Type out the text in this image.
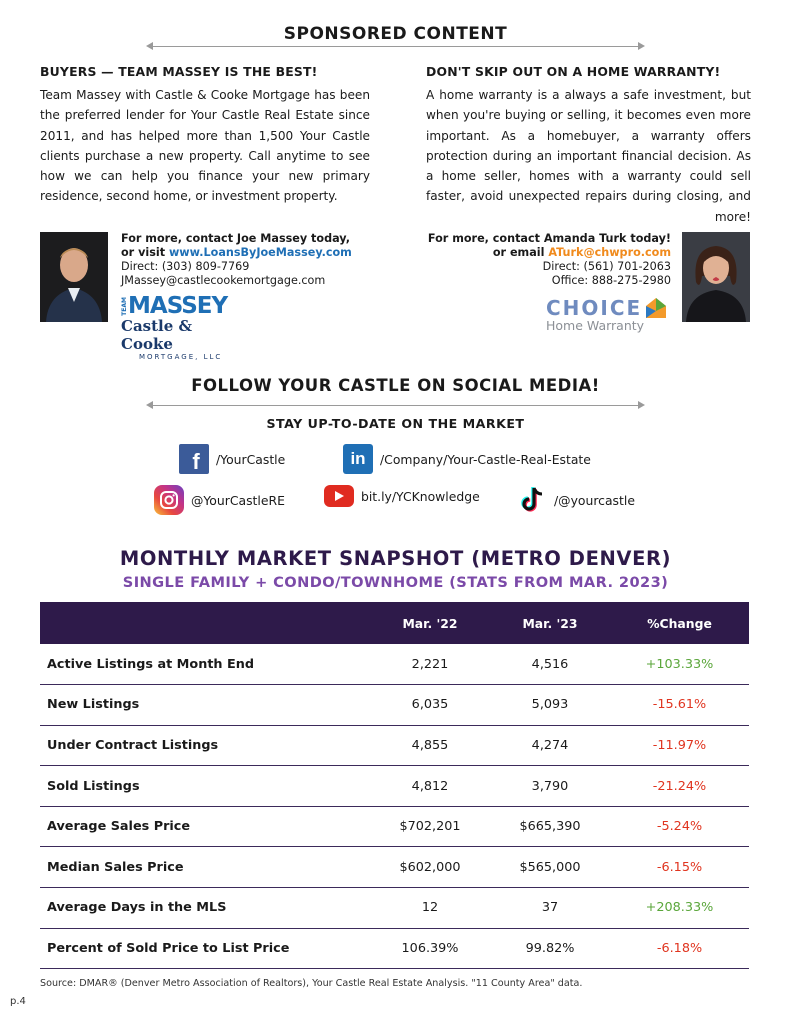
SPONSORED CONTENT
BUYERS — TEAM MASSEY IS THE BEST!

Team Massey with Castle & Cooke Mortgage has been the preferred lender for Your Castle Real Estate since 2011, and has helped more than 1,500 Your Castle clients purchase a new property. Call anytime to see how we can help you finance your new primary residence, second home, or investment property.

DON'T SKIP OUT ON A HOME WARRANTY!

A home warranty is a always a safe investment, but when you're buying or selling, it becomes even more important. As a homebuyer, a warranty offers protection during an important financial decision. As a home seller, homes with a warranty could sell faster, avoid unexpected repairs during closing, and more!

For more, contact Joe Massey today,
or visit www.LoansByJoeMassey.com
Direct: (303) 809-7769
JMassey@castlecookemortgage.com
TEAM MASSEY
Castle & Cooke
MORTGAGE, LLC
For more, contact Amanda Turk today!
or email ATurk@chwpro.com
Direct: (561) 701-2063
Office: 888-275-2980
CHOICE
Home Warranty
FOLLOW YOUR CASTLE ON SOCIAL MEDIA!
STAY UP-TO-DATE ON THE MARKET
f /YourCastle	in /Company/Your-Castle-Real-Estate
@YourCastleRE	bit.ly/YCKnowledge	/@yourcastle
MONTHLY MARKET SNAPSHOT (METRO DENVER)
SINGLE FAMILY + CONDO/TOWNHOME (STATS FROM MAR. 2023)
	Mar. '22	Mar. '23	%Change
Active Listings at Month End	2,221	4,516	+103.33%
New Listings	6,035	5,093	-15.61%
Under Contract Listings	4,855	4,274	-11.97%
Sold Listings	4,812	3,790	-21.24%
Average Sales Price	$702,201	$665,390	-5.24%
Median Sales Price	$602,000	$565,000	-6.15%
Average Days in the MLS	12	37	+208.33%
Percent of Sold Price to List Price	106.39%	99.82%	-6.18%
Source: DMAR® (Denver Metro Association of Realtors), Your Castle Real Estate Analysis. "11 County Area" data.
p.4
